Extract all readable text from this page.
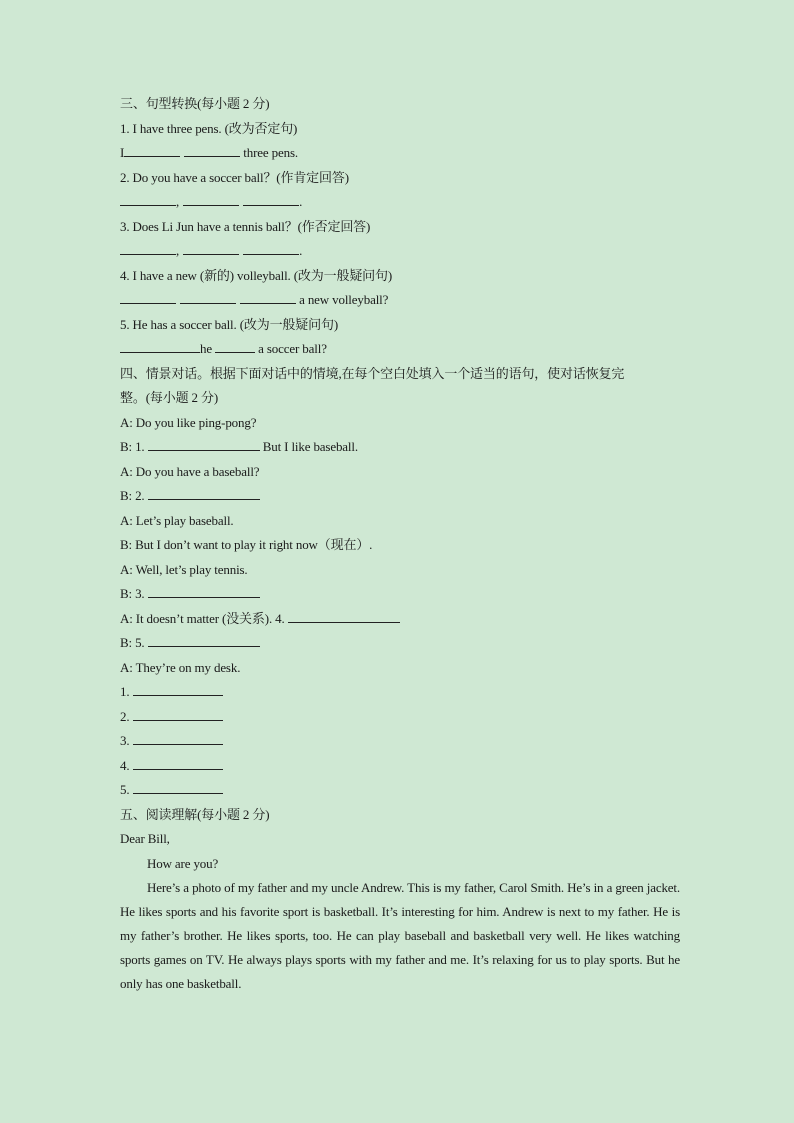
三、句型转换(每小题 2 分)
1. I have three pens. (改为否定句)
I	three pens.
2. Do you have a soccer ball？(作肯定回答)
,	.
3. Does Li Jun have a tennis ball？(作否定回答)
,	.
4. I have a new (新的) volleyball. (改为一般疑问句)
a new volleyball?
5. He has a soccer ball. (改为一般疑问句)
he	a soccer ball?
四、情景对话。根据下面对话中的情境,在每个空白处填入一个适当的语句，使对话恢复完
整。(每小题 2 分)
A: Do you like ping-pong?
B: 1.	But I like baseball.
A: Do you have a baseball?
B: 2.
A: Let’s play baseball.
B: But I don’t want to play it right now（现在）.
A: Well, let’s play tennis.
B: 3.
A: It doesn’t matter (没关系). 4.
B: 5.
A: They’re on my desk.
1.
2.
3.
4.
5.
五、阅读理解(每小题 2 分)
Dear Bill,
How are you?
Here’s a photo of my father and my uncle Andrew. This is my father, Carol Smith. He’s in a green jacket. He likes sports and his favorite sport is basketball. It’s interesting for him. Andrew is next to my father. He is my father’s brother. He likes sports, too. He can play baseball and basketball very well. He likes watching sports games on TV. He always plays sports with my father and me. It’s relaxing for us to play sports. But he only has one basketball.
